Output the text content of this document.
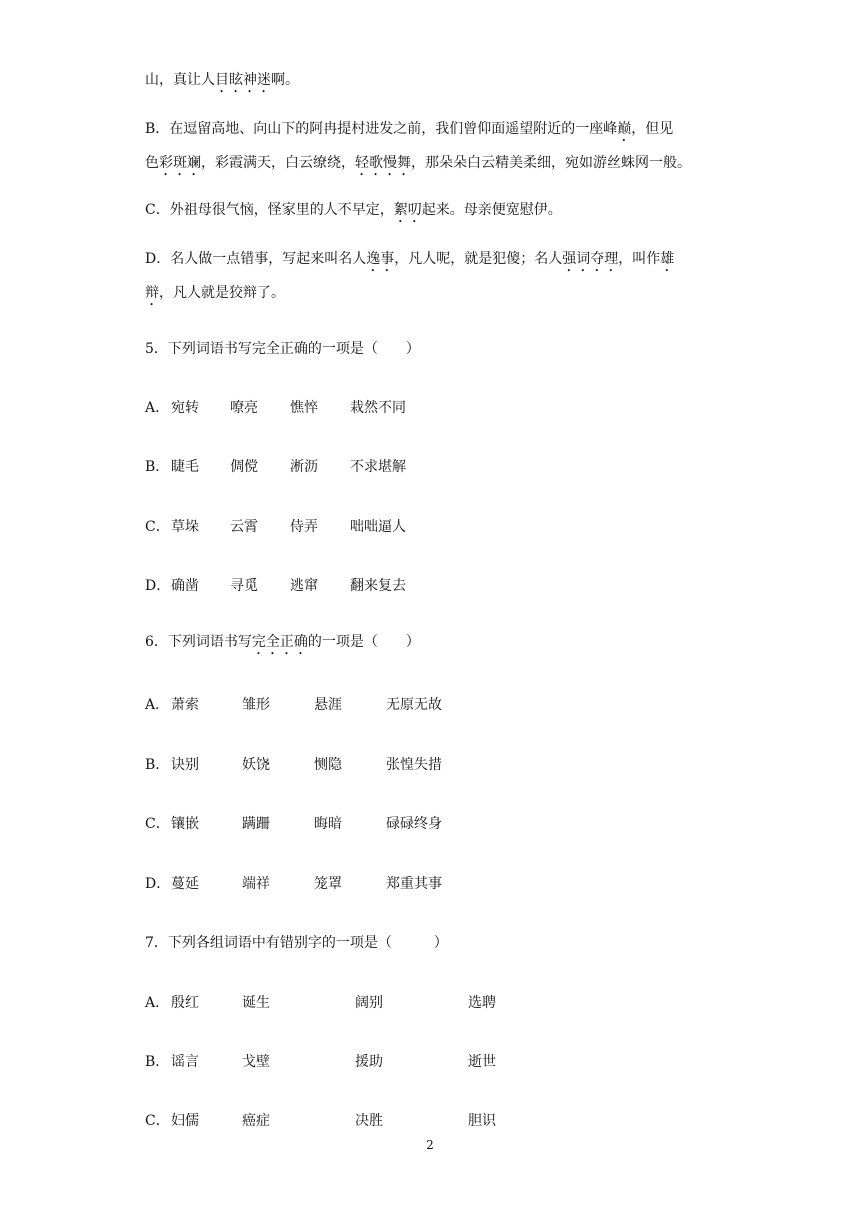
山，真让人目眩神迷啊。
B．在逗留高地、向山下的阿冉提村进发之前，我们曾仰面遥望附近的一座峰巅，但见
色彩斑斓，彩霞满天，白云缭绕，轻歌慢舞，那朵朵白云精美柔细，宛如游丝蛛网一般。
C．外祖母很气恼，怪家里的人不早定，絮叨起来。母亲便宽慰伊。
D．名人做一点错事，写起来叫名人逸事，凡人呢，就是犯傻；名人强词夺理，叫作雄
辩，凡人就是狡辩了。
5．下列词语书写完全正确的一项是（　　）
A． 宛转 嘹亮 憔悴 栽然不同
B． 睫毛 倜傥 淅沥 不求堪解
C． 草垛 云霄 侍弄 咄咄逼人
D． 确凿 寻觅 逃窜 翻来复去
6．下列词语书写完全正确的一项是（　　）
A． 萧索	雏形	悬涯	无原无故
B． 诀别	妖饶	恻隐	张惶失措
C． 镶嵌	蹒跚	晦暗	碌碌终身
D． 蔓延	端祥	笼罩	郑重其事
7．下列各组词语中有错别字的一项是（　　　）
A． 殷红	诞生	阔别	选聘
B． 谣言	戈壁	援助	逝世
C． 妇儒	癌症	决胜	胆识
2
